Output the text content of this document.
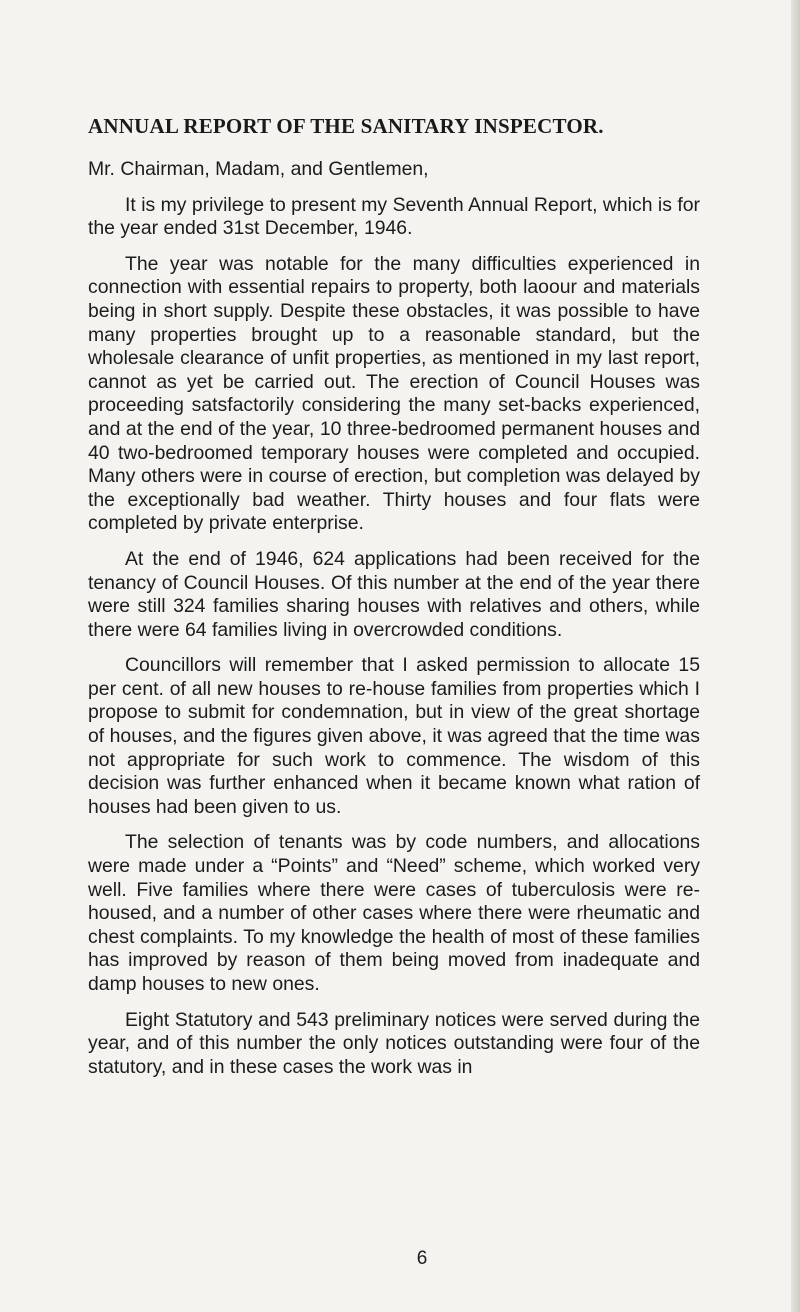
ANNUAL REPORT OF THE SANITARY INSPECTOR.

Mr. Chairman, Madam, and Gentlemen,

It is my privilege to present my Seventh Annual Report, which is for the year ended 31st December, 1946.

The year was notable for the many difficulties experienced in connection with essential repairs to property, both laoour and materials being in short supply. Despite these obstacles, it was possible to have many properties brought up to a reasonable standard, but the wholesale clearance of unfit properties, as mentioned in my last report, cannot as yet be carried out. The erection of Council Houses was proceeding satsfactorily considering the many set-backs experienced, and at the end of the year, 10 three-bedroomed permanent houses and 40 two-bedroomed temporary houses were completed and occupied. Many others were in course of erection, but completion was delayed by the exceptionally bad weather. Thirty houses and four flats were completed by private enterprise.

At the end of 1946, 624 applications had been received for the tenancy of Council Houses. Of this number at the end of the year there were still 324 families sharing houses with relatives and others, while there were 64 families living in overcrowded conditions.

Councillors will remember that I asked permission to allocate 15 per cent. of all new houses to re-house families from properties which I propose to submit for condemnation, but in view of the great shortage of houses, and the figures given above, it was agreed that the time was not appropriate for such work to commence. The wisdom of this decision was further enhanced when it became known what ration of houses had been given to us.

The selection of tenants was by code numbers, and allocations were made under a “Points” and “Need” scheme, which worked very well. Five families where there were cases of tuberculosis were re-housed, and a number of other cases where there were rheumatic and chest complaints. To my knowledge the health of most of these families has improved by reason of them being moved from inadequate and damp houses to new ones.

Eight Statutory and 543 preliminary notices were served during the year, and of this number the only notices outstanding were four of the statutory, and in these cases the work was in

6
